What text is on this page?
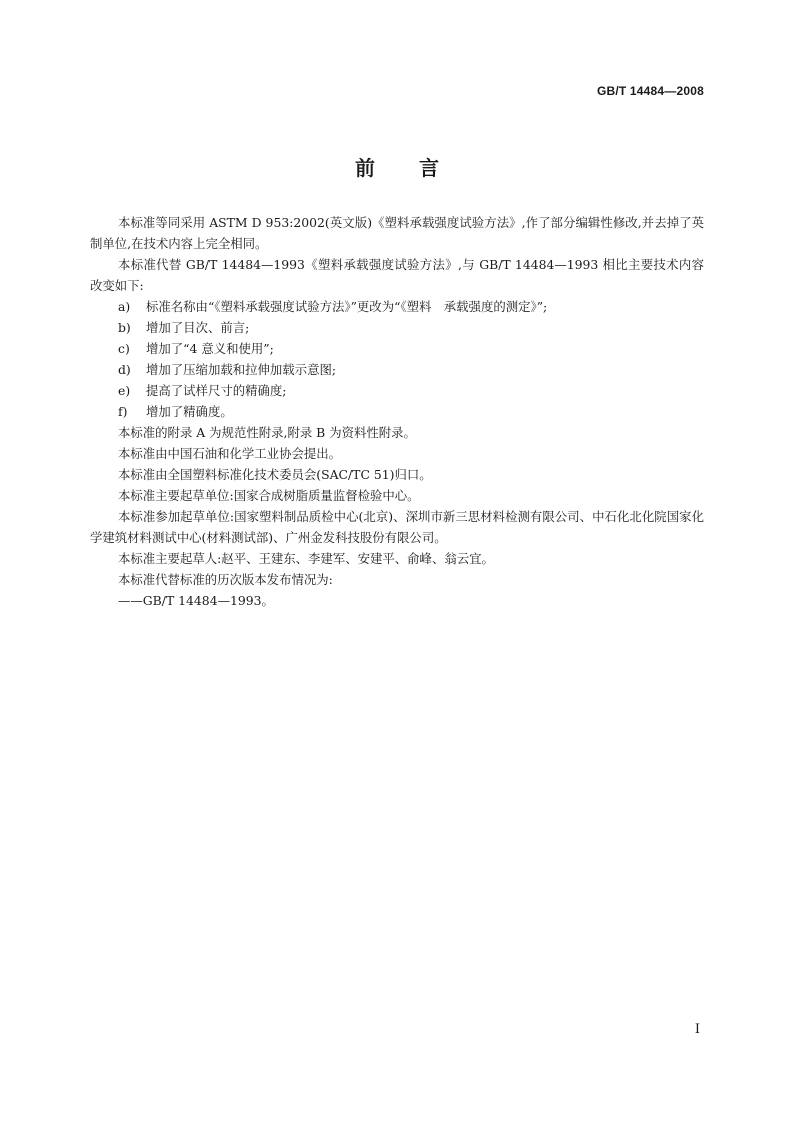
GB/T 14484—2008
前言

本标准等同采用 ASTM D 953:2002(英文版)《塑料承载强度试验方法》,作了部分编辑性修改,并去掉了英制单位,在技术内容上完全相同。

本标准代替 GB/T 14484—1993《塑料承载强度试验方法》,与 GB/T 14484—1993 相比主要技术内容改变如下:

a) 标准名称由“《塑料承载强度试验方法》”更改为“《塑料　承载强度的测定》”;

b) 增加了目次、前言;

c) 增加了“4 意义和使用”;

d) 增加了压缩加载和拉伸加载示意图;

e) 提高了试样尺寸的精确度;

f) 增加了精确度。

本标准的附录 A 为规范性附录,附录 B 为资料性附录。

本标准由中国石油和化学工业协会提出。

本标准由全国塑料标准化技术委员会(SAC/TC 51)归口。

本标准主要起草单位:国家合成树脂质量监督检验中心。

本标准参加起草单位:国家塑料制品质检中心(北京)、深圳市新三思材料检测有限公司、中石化北化院国家化学建筑材料测试中心(材料测试部)、广州金发科技股份有限公司。

本标准主要起草人:赵平、王建东、李建军、安建平、俞峰、翁云宜。

本标准代替标准的历次版本发布情况为:

——GB/T 14484—1993。

I
